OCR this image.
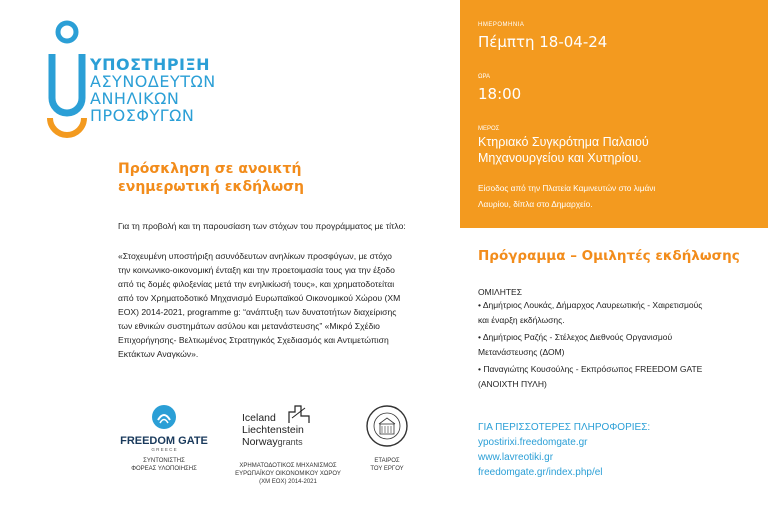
ΥΠΟΣΤΗΡΙΞΗ
ΑΣΥΝΟΔΕΥΤΩΝ
ΑΝΗΛΙΚΩΝ
ΠΡΟΣΦΥΓΩΝ
Πρόσκληση σε ανοικτή
ενημερωτική εκδήλωση
Για τη προβολή και τη παρουσίαση των στόχων του προγράμματος με τίτλο:
«Στοχευμένη υποστήριξη ασυνόδευτων ανηλίκων προσφύγων, με στόχο
την κοινωνικο-οικονομική ένταξη και την προετοιμασία τους για την έξοδο
από τις δομές φιλοξενίας μετά την ενηλικίωσή τους», και χρηματοδοτείται
από τον Χρηματοδοτικό Μηχανισμό Ευρωπαϊκού Οικονομικού Χώρου (ΧΜ
ΕΟΧ) 2014-2021, programme g: “ανάπτυξη των δυνατοτήτων διαχείρισης
των εθνικών συστημάτων ασύλου και μετανάστευσης” «Μικρό Σχέδιο
Επιχορήγησης- Βελτιωμένος Στρατηγικός Σχεδιασμός και Αντιμετώπιση
Εκτάκτων Αναγκών».
FREEDOM GATE
G R E E C E
ΣΥΝΤΟΝΙΣΤΗΣ
ΦΟΡΕΑΣ ΥΛΟΠΟΙΗΣΗΣ
Iceland
Liechtenstein
Norwaygrants
ΧΡΗΜΑΤΟΔΟΤΙΚΟΣ ΜΗΧΑΝΙΣΜΟΣ
ΕΥΡΩΠΑΪΚΟΥ ΟΙΚΟΝΟΜΙΚΟΥ ΧΩΡΟΥ
(ΧΜ ΕΟΧ) 2014-2021
ΕΤΑΙΡΟΣ
ΤΟΥ ΕΡΓΟΥ
ΗΜΕΡΟΜΗΝΙΑ
Πέμπτη 18-04-24
ΩΡΑ
18:00
ΜΕΡΟΣ
Κτηριακό Συγκρότημα Παλαιού
Μηχανουργείου και Χυτηρίου.
Είσοδος από την Πλατεία Καμινευτών στο λιμάνι
Λαυρίου, δίπλα στο Δημαρχείο.
Πρόγραμμα – Ομιλητές εκδήλωσης
ΟΜΙΛΗΤΕΣ
• Δημήτριος Λουκάς, Δήμαρχος Λαυρεωτικής - Χαιρετισμούς
και έναρξη εκδήλωσης.
• Δημήτριος Ραζής - Στέλεχος Διεθνούς Οργανισμού
Μετανάστευσης (ΔΟΜ)
• Παναγιώτης Κουσούλης - Εκπρόσωπος FREEDOM GATE
(ΑΝΟΙΧΤΗ ΠΥΛΗ)
ΓΙΑ ΠΕΡΙΣΣΟΤΕΡΕΣ ΠΛΗΡΟΦΟΡΙΕΣ:
ypostirixi.freedomgate.gr
www.lavreotiki.gr
freedomgate.gr/index.php/el
